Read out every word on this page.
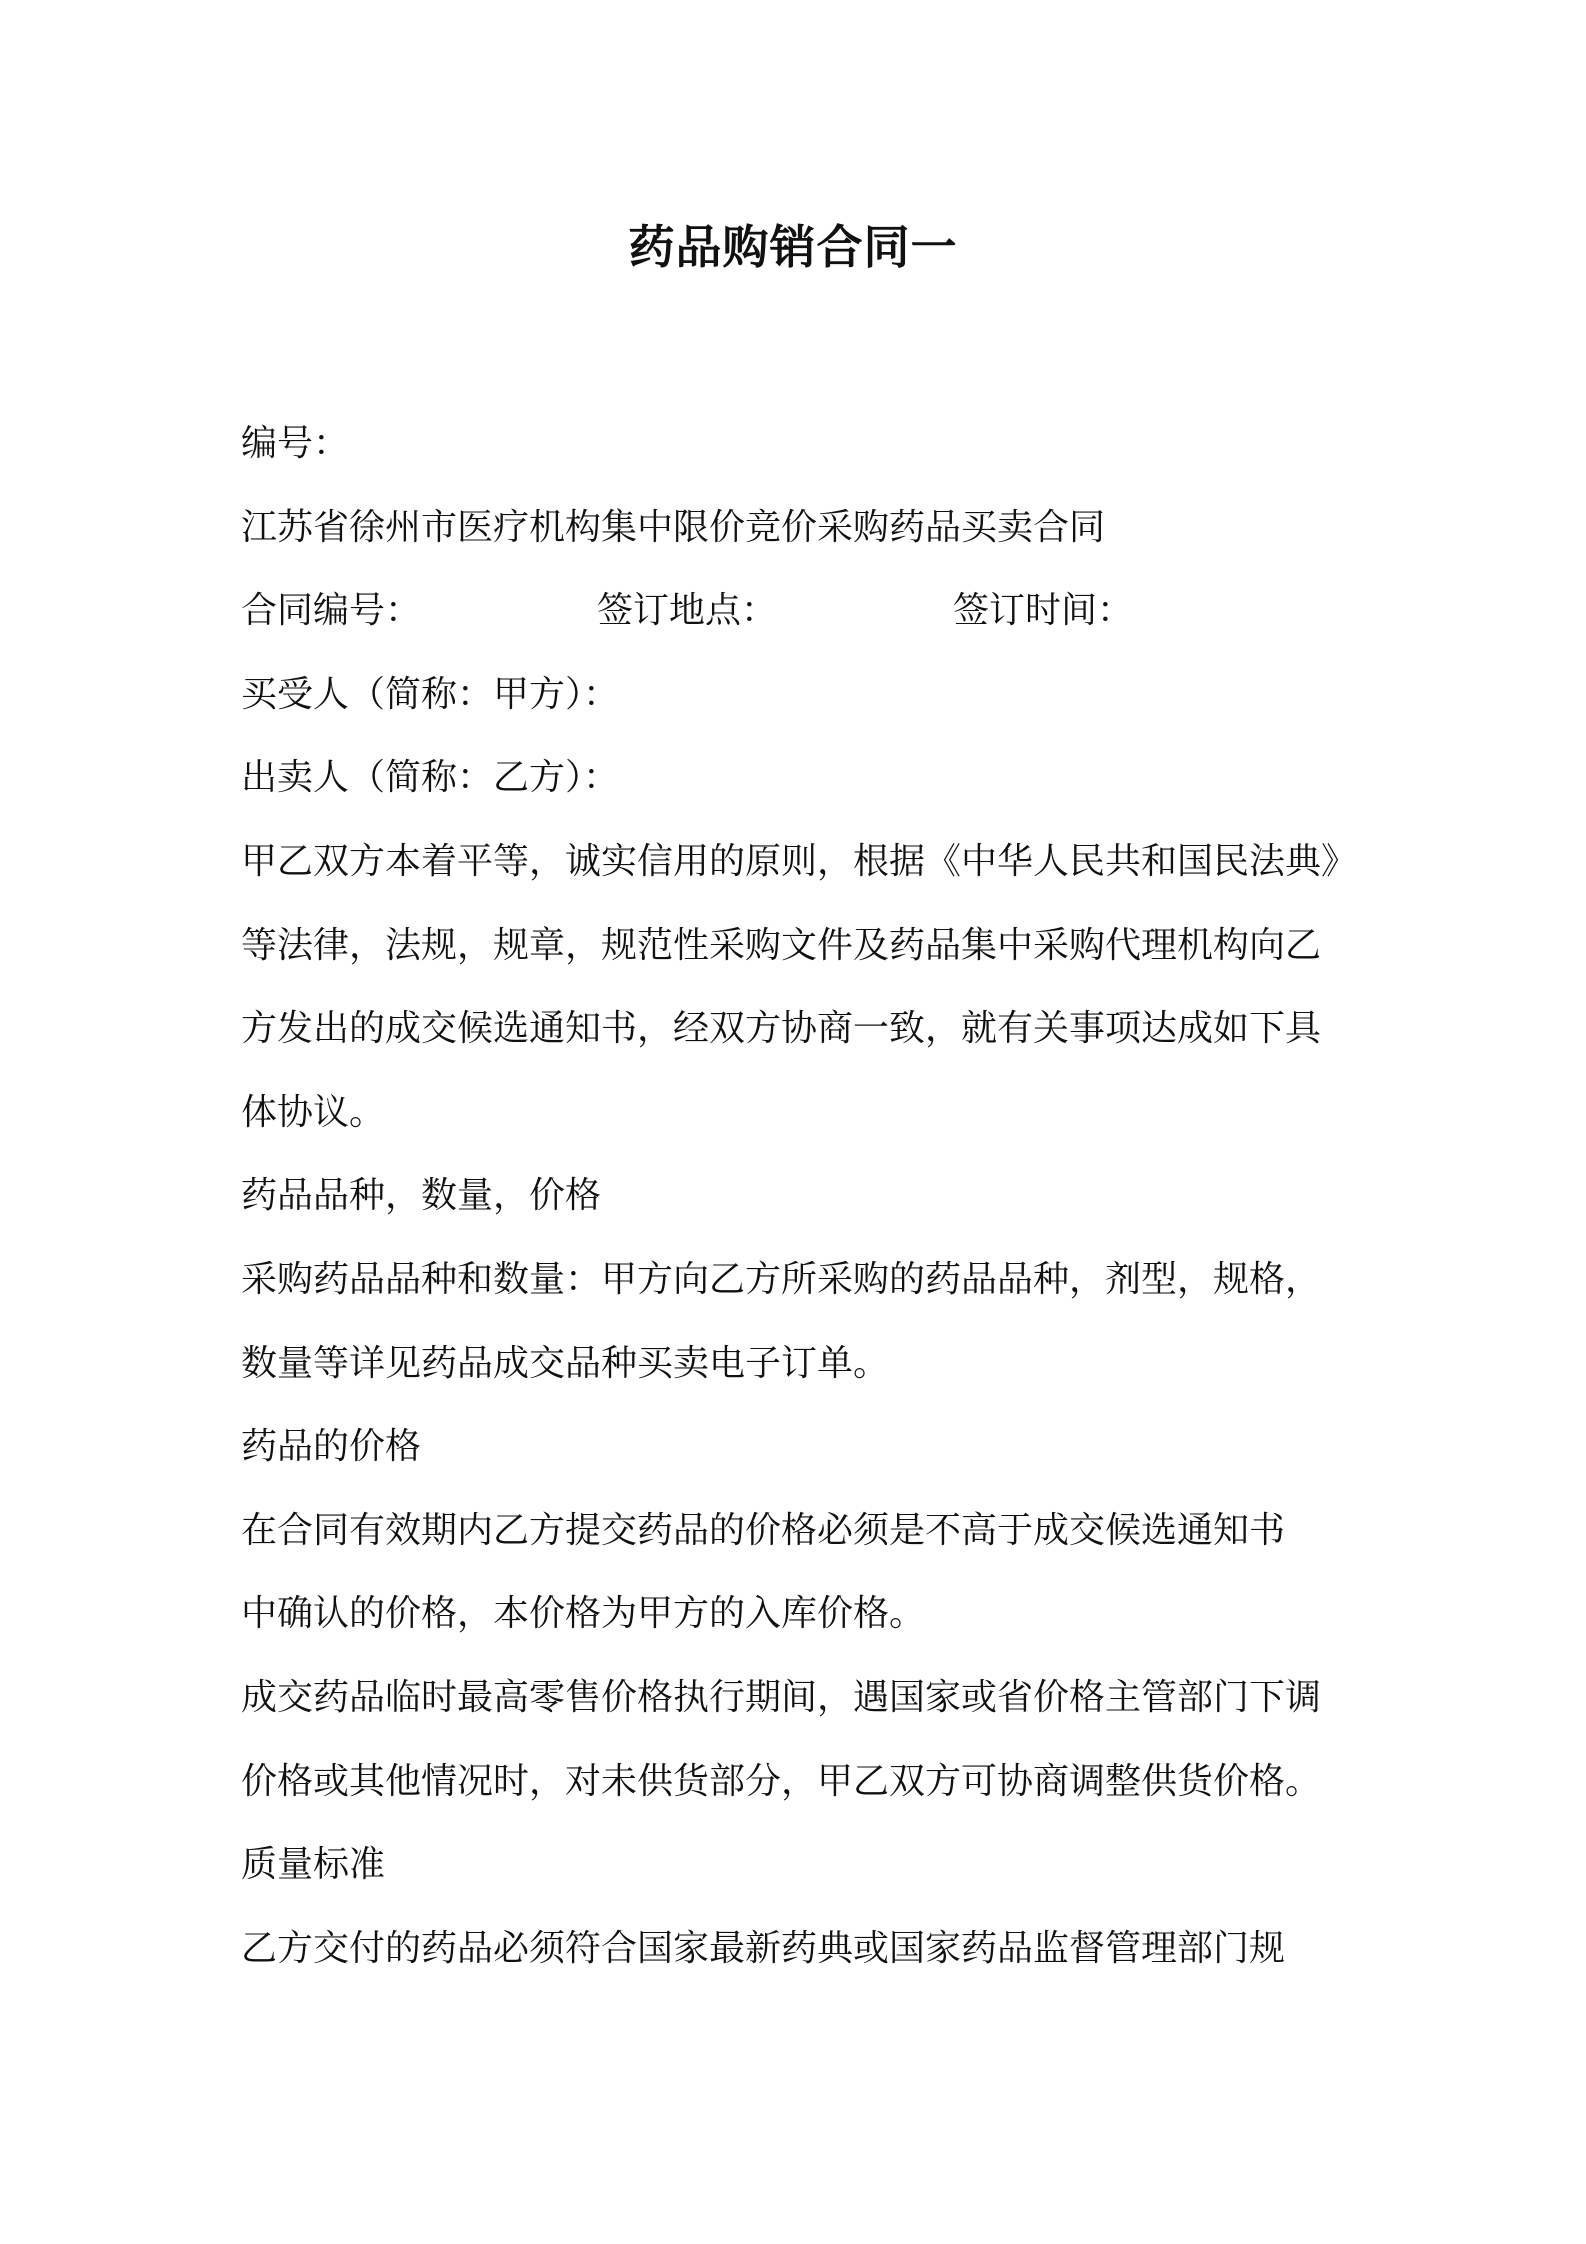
药品购销合同一
编号：
江苏省徐州市医疗机构集中限价竞价采购药品买卖合同
合同编号：	签订地点：	签订时间：
买受人（简称：甲方）：
出卖人（简称：乙方）：
甲乙双方本着平等，诚实信用的原则，根据《中华人民共和国民法典》
等法律，法规，规章，规范性采购文件及药品集中采购代理机构向乙
方发出的成交候选通知书，经双方协商一致，就有关事项达成如下具
体协议。
药品品种，数量，价格
采购药品品种和数量：甲方向乙方所采购的药品品种，剂型，规格，
数量等详见药品成交品种买卖电子订单。
药品的价格
在合同有效期内乙方提交药品的价格必须是不高于成交候选通知书
中确认的价格，本价格为甲方的入库价格。
成交药品临时最高零售价格执行期间，遇国家或省价格主管部门下调
价格或其他情况时，对未供货部分，甲乙双方可协商调整供货价格。
质量标准
乙方交付的药品必须符合国家最新药典或国家药品监督管理部门规
